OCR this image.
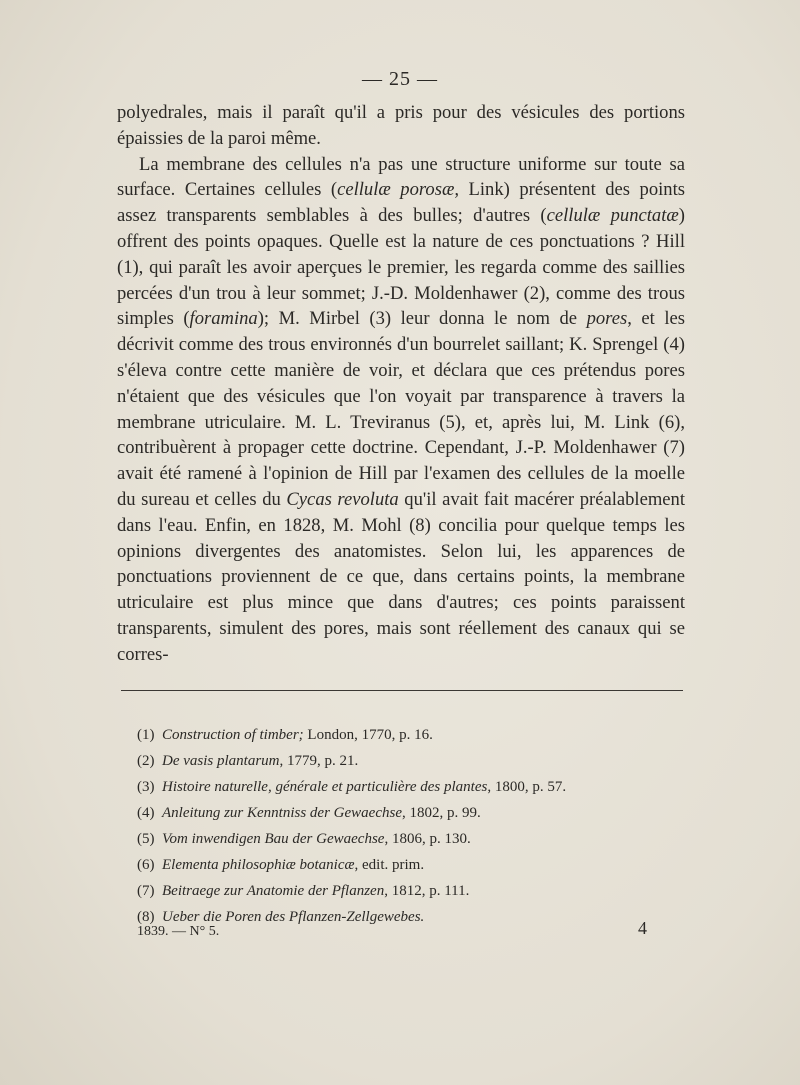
— 25 —

polyedrales, mais il paraît qu'il a pris pour des vésicules des portions épaissies de la paroi même.

La membrane des cellules n'a pas une structure uniforme sur toute sa surface. Certaines cellules (cellulæ porosæ, Link) présentent des points assez transparents semblables à des bulles; d'autres (cellulæ punctatæ) offrent des points opaques. Quelle est la nature de ces ponctuations ? Hill (1), qui paraît les avoir aperçues le premier, les regarda comme des saillies percées d'un trou à leur sommet; J.-D. Moldenhawer (2), comme des trous simples (foramina); M. Mirbel (3) leur donna le nom de pores, et les décrivit comme des trous environnés d'un bourrelet saillant; K. Sprengel (4) s'éleva contre cette manière de voir, et déclara que ces prétendus pores n'étaient que des vésicules que l'on voyait par transparence à travers la membrane utriculaire. M. L. Treviranus (5), et, après lui, M. Link (6), contribuèrent à propager cette doctrine. Cependant, J.-P. Moldenhawer (7) avait été ramené à l'opinion de Hill par l'examen des cellules de la moelle du sureau et celles du Cycas revoluta qu'il avait fait macérer préalablement dans l'eau. Enfin, en 1828, M. Mohl (8) concilia pour quelque temps les opinions divergentes des anatomistes. Selon lui, les apparences de ponctuations proviennent de ce que, dans certains points, la membrane utriculaire est plus mince que dans d'autres; ces points paraissent transparents, simulent des pores, mais sont réellement des canaux qui se corres-

(1) Construction of timber; London, 1770, p. 16.
(2) De vasis plantarum, 1779, p. 21.
(3) Histoire naturelle, générale et particulière des plantes, 1800, p. 57.
(4) Anleitung zur Kenntniss der Gewaechse, 1802, p. 99.
(5) Vom inwendigen Bau der Gewaechse, 1806, p. 130.
(6) Elementa philosophiæ botanicæ, edit. prim.
(7) Beitraege zur Anatomie der Pflanzen, 1812, p. 111.
(8) Ueber die Poren des Pflanzen-Zellgewebes.
1839. — N° 5.	4
